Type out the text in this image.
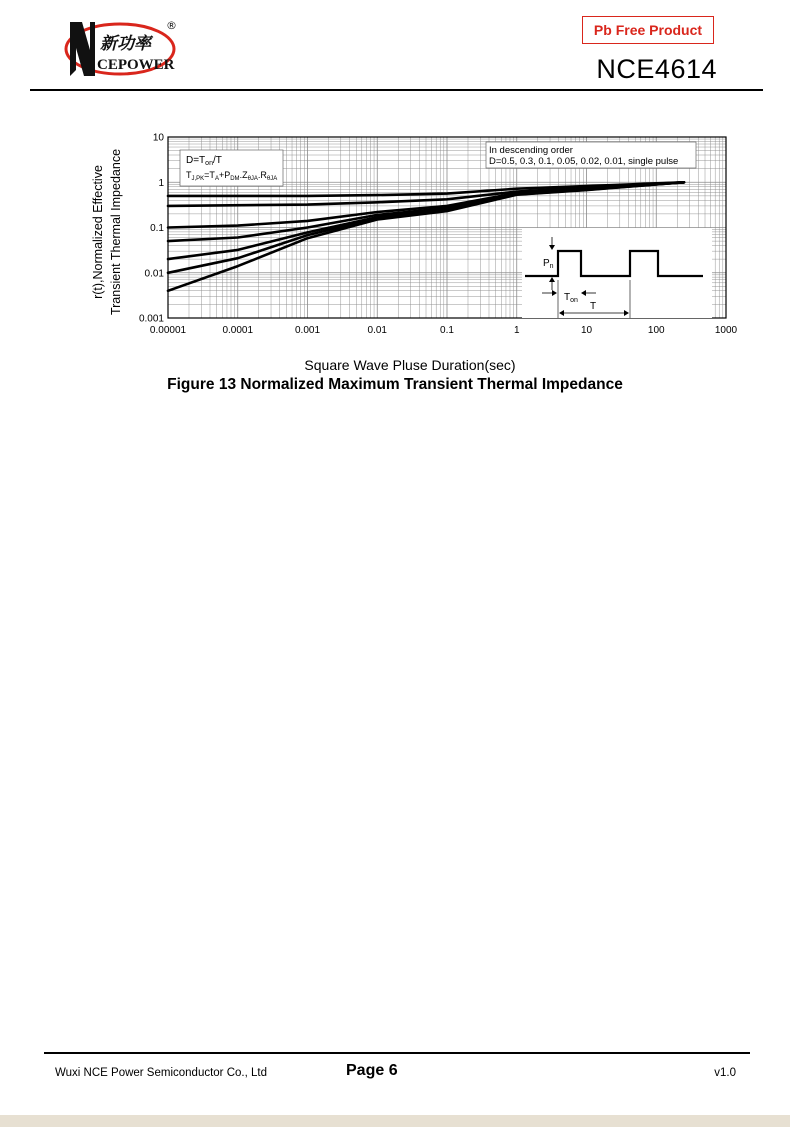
新功率
CEPOWER
®	Pb Free Product
NCE4614
0.00001	0.0001	0.001	0.01	0.1	1	10	100	1000
10
1
0.1
0.01
0.001
r(t),Normalized Effective Transient Thermal Impedance	$D=T_{on}/T$
$T_{J,PK}=T_A+P_{DM}.Z_{\theta JA}.R_{\theta JA}$
In descending order
D=0.5, 0.3, 0.1, 0.05, 0.02, 0.01, single pulse
$P_n$
$T_{on}$
T
Square Wave Pluse Duration(sec)
Figure 13 Normalized Maximum Transient Thermal Impedance
Wuxi NCE Power Semiconductor Co., Ltd	Page 6	v1.0
